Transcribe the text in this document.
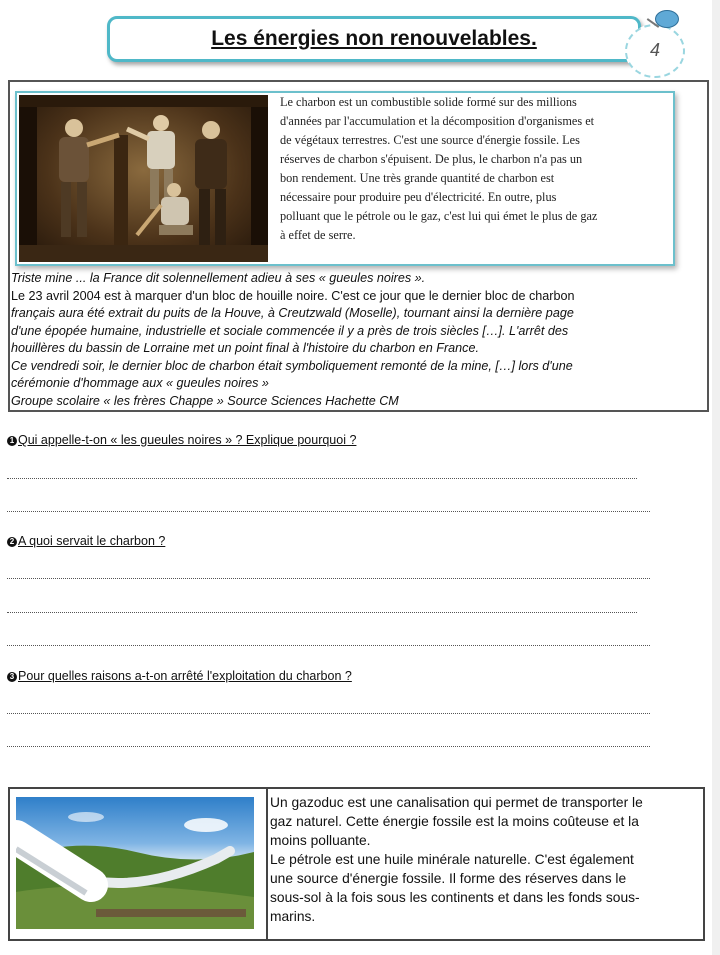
Les énergies non renouvelables.	4
Le charbon est un combustible solide formé sur des millions
d'années par l'accumulation et la décomposition d'organismes et
de végétaux terrestres. C'est une source d'énergie fossile. Les
réserves de charbon s'épuisent. De plus, le charbon n'a pas un
bon rendement. Une très grande quantité de charbon est
nécessaire pour produire peu d'électricité. En outre, plus
polluant que le pétrole ou le gaz, c'est lui qui émet le plus de gaz
à effet de serre.
Triste mine ... la France dit solennellement adieu à ses « gueules noires ».
Le 23 avril 2004 est à marquer d'un bloc de houille noire. C'est ce jour que le dernier bloc de charbon
français aura été extrait du puits de la Houve, à Creutzwald (Moselle), tournant ainsi la dernière page
d'une épopée humaine, industrielle et sociale commencée il y a près de trois siècles […]. L'arrêt des
houillères du bassin de Lorraine met un point final à l'histoire du charbon en France.
Ce vendredi soir, le dernier bloc de charbon était symboliquement remonté de la mine, […] lors d'une
cérémonie d'hommage aux « gueules noires »
Groupe scolaire « les frères Chappe » Source Sciences Hachette CM
1 Qui appelle-t-on « les gueules noires » ? Explique pourquoi ?
2 A quoi servait le charbon ?
3 Pour quelles raisons a-t-on arrêté l'exploitation du charbon ?
Un gazoduc est une canalisation qui permet de transporter le
gaz naturel. Cette énergie fossile est la moins coûteuse et la
moins polluante.
Le pétrole est une huile minérale naturelle. C'est également
une source d'énergie fossile. Il forme des réserves dans le
sous-sol à la fois sous les continents et dans les fonds sous-
marins.
